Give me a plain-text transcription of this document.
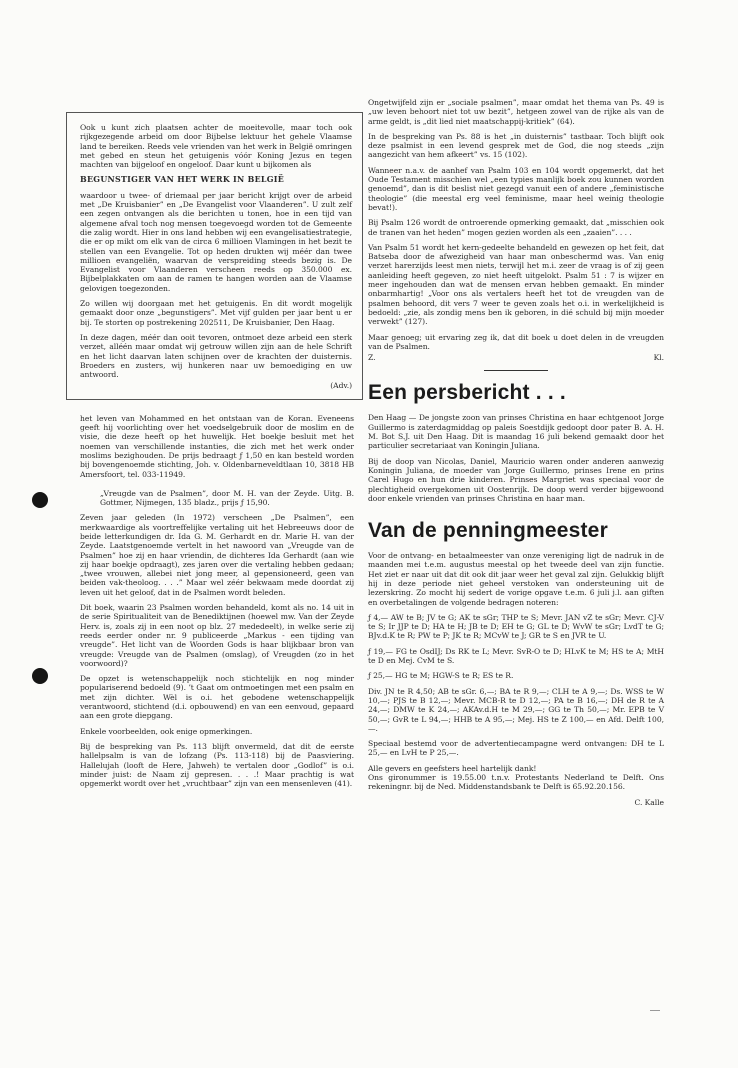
Ook u kunt zich plaatsen achter de moeitevolle, maar toch ook rijkgezegende arbeid om door Bijbelse lektuur het gehele Vlaamse land te bereiken. Reeds vele vrienden van het werk in België omringen met gebed en steun het getuigenis vóór Koning Jezus en tegen machten van bijgeloof en ongeloof. Daar kunt u bijkomen als

BEGUNSTIGER VAN HET WERK IN BELGIË

waardoor u twee- of driemaal per jaar bericht krijgt over de arbeid met „De Kruisbanier” en „De Evangelist voor Vlaanderen”. U zult zelf een zegen ontvangen als die berichten u tonen, hoe in een tijd van algemene afval toch nog mensen toegevoegd worden tot de Gemeente die zalig wordt. Hier in ons land hebben wij een evangelisatiestrategie, die er op mikt om elk van de circa 6 millioen Vlamingen in het bezit te stellen van een Evangelie. Tot op heden drukten wij méér dan twee millioen evangeliën, waarvan de verspreiding steeds bezig is. De Evangelist voor Vlaanderen verscheen reeds op 350.000 ex. Bijbelplakkaten om aan de ramen te hangen worden aan de Vlaamse gelovigen toegezonden.

Zo willen wij doorgaan met het getuigenis. En dit wordt mogelijk gemaakt door onze „begunstigers”. Met vijf gulden per jaar bent u er bij. Te storten op postrekening 202511, De Kruisbanier, Den Haag.

In deze dagen, méér dan ooit tevoren, ontmoet deze arbeid een sterk verzet, alléén maar omdat wij getrouw willen zijn aan de hele Schrift en het licht daarvan laten schijnen over de krachten der duisternis. Broeders en zusters, wij hunkeren naar uw bemoediging en uw antwoord.

(Adv.)

het leven van Mohammed en het ontstaan van de Koran. Eveneens geeft hij voorlichting over het voedselgebruik door de moslim en de visie, die deze heeft op het huwelijk. Het boekje besluit met het noemen van verschillende instanties, die zich met het werk onder moslims bezighouden. De prijs bedraagt ƒ 1,50 en kan besteld worden bij bovengenoemde stichting, Joh. v. Oldenbarneveldtlaan 10, 3818 HB Amersfoort, tel. 033-11949.

„Vreugde van de Psalmen”, door M. H. van der Zeyde. Uitg. B. Gottmer, Nijmegen, 135 bladz., prijs ƒ 15,90.

Zeven jaar geleden (In 1972) verscheen „De Psalmen”, een merkwaardige als voortreffelijke vertaling uit het Hebreeuws door de beide letterkundigen dr. Ida G. M. Gerhardt en dr. Marie H. van der Zeyde. Laatstgenoemde vertelt in het nawoord van „Vreugde van de Psalmen” hoe zij en haar vriendin, de dichteres Ida Gerhardt (aan wie zij haar boekje opdraagt), zes jaren over die vertaling hebben gedaan; „twee vrouwen, allebei niet jong meer, al gepensioneerd, geen van beiden vak-theoloog. . . .” Maar wel zéér bekwaam mede doordat zij leven uit het geloof, dat in de Psalmen wordt beleden.

Dit boek, waarin 23 Psalmen worden behandeld, komt als no. 14 uit in de serie Spiritualiteit van de Benediktijnen (hoewel mw. Van der Zeyde Herv. is, zoals zij in een noot op blz. 27 mededeelt), in welke serie zij reeds eerder onder nr. 9 publiceerde „Markus - een tijding van vreugde”. Het licht van de Woorden Gods is haar blijkbaar bron van vreugde: Vreugde van de Psalmen (omslag), of Vreugden (zo in het voorwoord)?

De opzet is wetenschappelijk noch stichtelijk en nog minder populariserend bedoeld (9). ’t Gaat om ontmoetingen met een psalm en met zijn dichter. Wèl is o.i. het gebodene wetenschappelijk verantwoord, stichtend (d.i. opbouwend) en van een eenvoud, gepaard aan een grote diepgang.

Enkele voorbeelden, ook enige opmerkingen.

Bij de bespreking van Ps. 113 blijft onvermeld, dat dit de eerste hallelpsalm is van de lofzang (Ps. 113-118) bij de Paasviering. Hallelujah (looft de Here, Jahweh) te vertalen door „Godlof” is o.i. minder juist: de Naam zij gepresen. . . .! Maar prachtig is wat opgemerkt wordt over het „vruchtbaar” zijn van een mensenleven (41).

Ongetwijfeld zijn er „sociale psalmen”, maar omdat het thema van Ps. 49 is „uw leven behoort niet tot uw bezit”, hetgeen zowel van de rijke als van de arme geldt, is „dit lied niet maatschappij-kritiek” (64).

In de bespreking van Ps. 88 is het „in duisternis” tastbaar. Toch blijft ook deze psalmist in een levend gesprek met de God, die nog steeds „zijn aangezicht van hem afkeert” vs. 15 (102).

Wanneer n.a.v. de aanhef van Psalm 103 en 104 wordt opgemerkt, dat het Oude Testament misschien wel „een typies manlijk boek zou kunnen worden genoemd”, dan is dit beslist niet gezegd vanuit een of andere „feministische theologie” (die meestal erg veel feminisme, maar heel weinig theologie bevat!).

Bij Psalm 126 wordt de ontroerende opmerking gemaakt, dat „misschien ook de tranen van het heden” mogen gezien worden als een „zaaien”. . . .

Van Psalm 51 wordt het kern-gedeelte behandeld en gewezen op het feit, dat Batseba door de afwezigheid van haar man onbeschermd was. Van enig verzet harerzijds leest men niets, terwijl het m.i. zeer de vraag is of zij geen aanleiding heeft gegeven, zo niet heeft uitgelokt. Psalm 51 : 7 is wijzer en meer ingehouden dan wat de mensen ervan hebben gemaakt. En minder onbarmhartig! „Voor ons als vertalers heeft het tot de vreugden van de psalmen behoord, dit vers 7 weer te geven zoals het o.i. in werkelijkheid is bedoeld: „zie, als zondig mens ben ik geboren, in dié schuld bij mijn moeder verwekt” (127).

Maar genoeg; uit ervaring zeg ik, dat dit boek u doet delen in de vreugden van de Psalmen.

Z.	Kl.
Een persbericht . . .

Den Haag — De jongste zoon van prinses Christina en haar echtgenoot Jorge Guillermo is zaterdagmiddag op paleis Soestdijk gedoopt door pater B. A. H. M. Bot S.J. uit Den Haag. Dit is maandag 16 juli bekend gemaakt door het particulier secretariaat van Koningin Juliana.

Bij de doop van Nicolas, Daniel, Mauricio waren onder anderen aanwezig Koningin Juliana, de moeder van Jorge Guillermo, prinses Irene en prins Carel Hugo en hun drie kinderen. Prinses Margriet was speciaal voor de plechtigheid overgekomen uit Oostenrijk. De doop werd verder bijgewoond door enkele vrienden van prinses Christina en haar man.

Van de penningmeester

Voor de ontvang- en betaalmeester van onze vereniging ligt de nadruk in de maanden mei t.e.m. augustus meestal op het tweede deel van zijn functie. Het ziet er naar uit dat dit ook dit jaar weer het geval zal zijn. Gelukkig blijft hij in deze periode niet geheel verstoken van ondersteuning uit de lezerskring. Zo mocht hij sedert de vorige opgave t.e.m. 6 juli j.l. aan giften en overbetalingen de volgende bedragen noteren:

ƒ 4,— AW te B; JV te G; AK te sGr; THP te S; Mevr. JAN vZ te sGr; Mevr. CJ-V te S; Ir JJP te D; HA te H; JB te D; EH te G; GL te D; WvW te sGr; LvdT te G; BJv.d.K te R; PW te P; JK te R; MCvW te J; GR te S en JVR te U.

ƒ 19,— FG te OsdIJ; Ds RK te L; Mevr. SvR-O te D; HLvK te M; HS te A; MtH te D en Mej. CvM te S.

ƒ 25,— HG te M; HGW-S te R; ES te R.

Div. JN te R 4,50; AB te sGr. 6,—; BA te R 9,—; CLH te A 9,—; Ds. WSS te W 10,—; PJS te B 12,—; Mevr. MCB-R te D 12,—; PA te B 16,—; DH de R te A 24,—; DMW te K 24,—; AKAv.d.H te M 29,—; GG te Th 50,—; Mr. EPB te V 50,—; GvR te L 94,—; HHB te A 95,—; Mej. HS te Z 100,— en Afd. Delft 100,—.

Speciaal bestemd voor de advertentiecampagne werd ontvangen: DH te L 25,— en LvH te P 25,—.

Alle gevers en geefsters heel hartelijk dank!

Ons gironummer is 19.55.00 t.n.v. Protestants Nederland te Delft. Ons rekeningnr. bij de Ned. Middenstandsbank te Delft is 65.92.20.156.

C. Kalle
